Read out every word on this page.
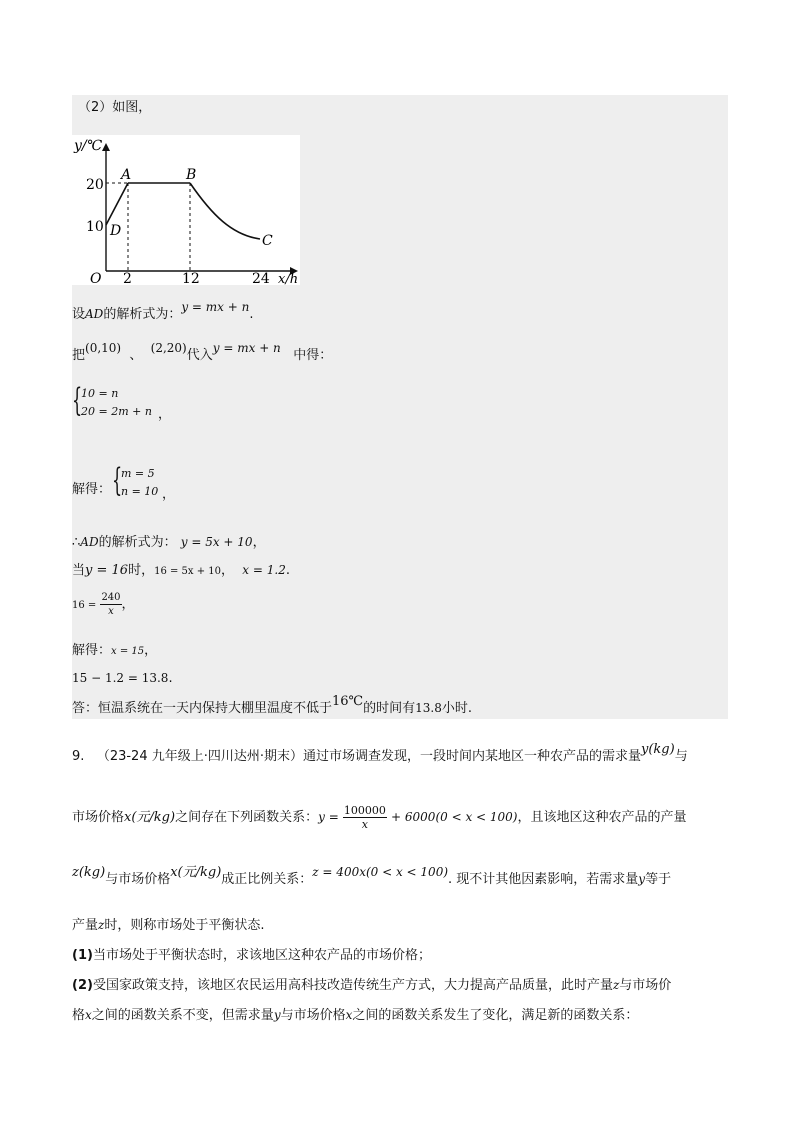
（2）如图，
y/℃
x/h
O
20
10
2	12	24
A	B
C
D
设AD的解析式为：y = mx + n.
把(0,10) 、 (2,20)代入y = mx + n 中得：
{
10 = n
20 = 2m + n ，
解得： {
m = 5
n = 10 ，
∴AD的解析式为： y = 5x + 10，
当y = 16时，16 = 5x + 10， x = 1.2.
$16 = \frac{240}{x}$ ，
解得：x = 15，
15 − 1.2 = 13.8.
答：恒温系统在一天内保持大棚里温度不低于16℃的时间有13.8小时.
9. （23-24 九年级上·四川达州·期末）通过市场调查发现，一段时间内某地区一种农产品的需求量y(kg)与
市场价格x(元/kg)之间存在下列函数关系：$y = \frac{100000}{x} + 6000(0 < x < 100)$，且该地区这种农产品的产量
z(kg)与市场价格x(元/kg)成正比例关系：z = 400x(0 < x < 100). 现不计其他因素影响，若需求量y等于
产量z时，则称市场处于平衡状态.
(1)当市场处于平衡状态时，求该地区这种农产品的市场价格；
(2)受国家政策支持，该地区农民运用高科技改造传统生产方式，大力提高产品质量，此时产量z与市场价
格x之间的函数关系不变，但需求量y与市场价格x之间的函数关系发生了变化，满足新的函数关系：
